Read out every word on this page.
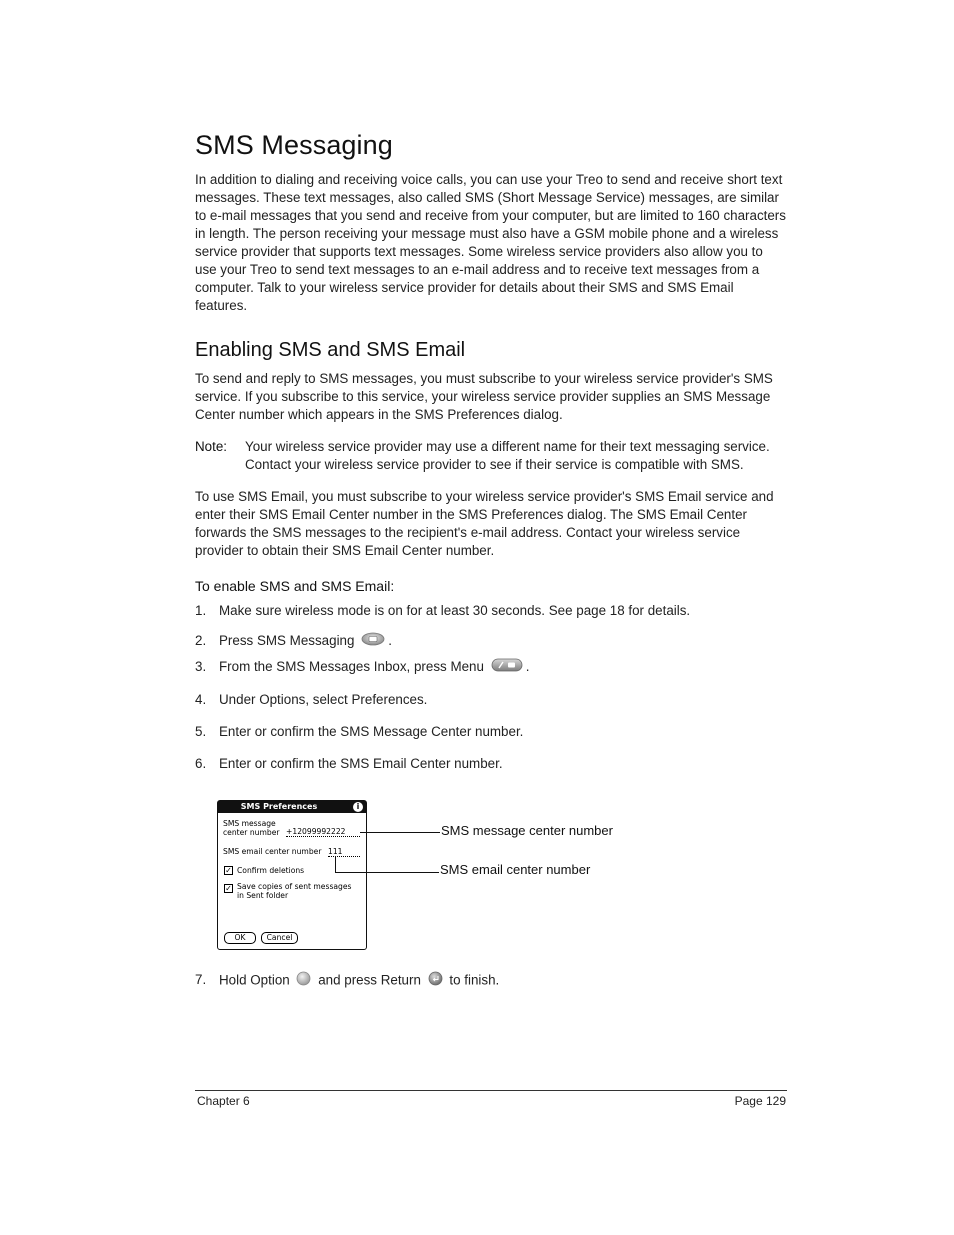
SMS Messaging

In addition to dialing and receiving voice calls, you can use your Treo to send and receive short text messages. These text messages, also called SMS (Short Message Service) messages, are similar to e-mail messages that you send and receive from your computer, but are limited to 160 characters in length. The person receiving your message must also have a GSM mobile phone and a wireless service provider that supports text messages. Some wireless service providers also allow you to use your Treo to send text messages to an e-mail address and to receive text messages from a computer. Talk to your wireless service provider for details about their SMS and SMS Email features.

Enabling SMS and SMS Email

To send and reply to SMS messages, you must subscribe to your wireless service provider's SMS service. If you subscribe to this service, your wireless service provider supplies an SMS Message Center number which appears in the SMS Preferences dialog.

Note: Your wireless service provider may use a different name for their text messaging service. Contact your wireless service provider to see if their service is compatible with SMS.

To use SMS Email, you must subscribe to your wireless service provider's SMS Email service and enter their SMS Email Center number in the SMS Preferences dialog. The SMS Email Center forwards the SMS messages to the recipient's e-mail address. Contact your wireless service provider to obtain their SMS Email Center number.

To enable SMS and SMS Email:
1. Make sure wireless mode is on for at least 30 seconds. See page 18 for details.
2. Press SMS Messaging	.
3. From the SMS Messages Inbox, press Menu	.
4. Under Options, select Preferences.
5. Enter or confirm the SMS Message Center number.
6. Enter or confirm the SMS Email Center number.
SMS Preferences	i
SMS message
center number +12099992222
SMS email center number 111
✓ Confirm deletions
✓ Save copies of sent messages
in Sent folder
OK	Cancel
SMS message center number
SMS email center number
7. Hold Option and press Return to finish.
Chapter 6	Page 129
